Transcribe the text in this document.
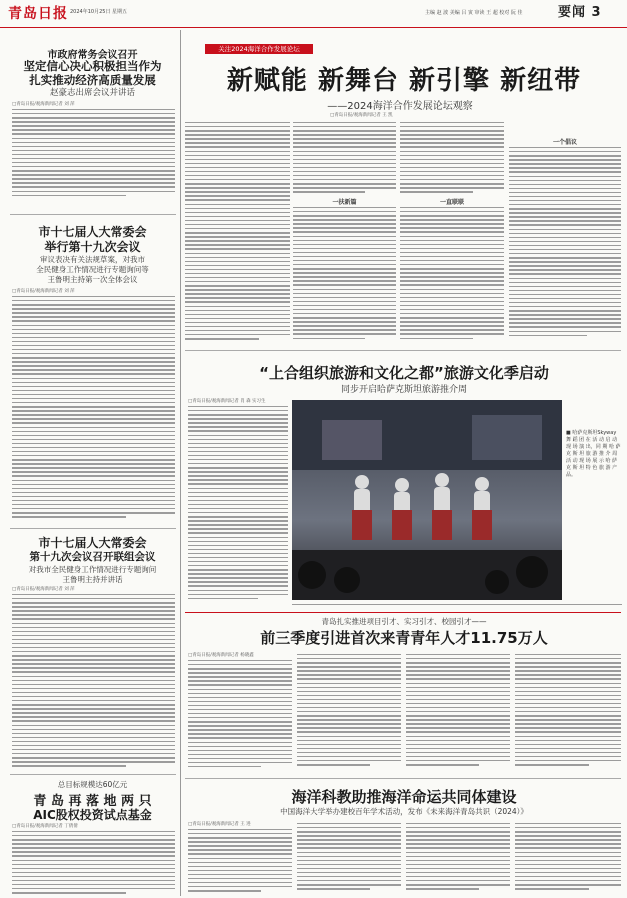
青岛日报 2024年10月25日 星期五	主编 赵 波 美编 吕 寅 审读 王 超 校对 阮 佳	要闻 3
市政府常务会议召开
坚定信心决心积极担当作为
扎实推动经济高质量发展
赵豪志出席会议并讲话
□青岛日报/观海新闻记者 刘 萍
市十七届人大常委会
举行第十九次会议
审议表决有关法规草案，对我市
全民健身工作情况进行专题询问等
王鲁明主持第一次全体会议
□青岛日报/观海新闻记者 刘 萍
市十七届人大常委会
第十九次会议召开联组会议
对我市全民健身工作情况进行专题询问
王鲁明主持并讲话
□青岛日报/观海新闻记者 刘 萍
总目标规模达60亿元
青 岛 再 落 地 两 只
AIC股权投资试点基金
□青岛日报/观海新闻记者 丁倩倩
关注2024海洋合作发展论坛
新赋能 新舞台 新引擎 新纽带
——2024海洋合作发展论坛观察
□青岛日报/观海新闻记者 王 凯
一扶新篇	一直联联
一个倡议
“上合组织旅游和文化之都”旅游文化季启动
同步开启哈萨克斯坦旅游推介周
□青岛日报/观海新闻记者 肖 森 实习生
■ 哈萨克斯坦Skyway 舞 蹈 团 在 活 动 启 动 现 场 演 出，同 期 哈 萨 克 斯 坦 旅 游 推 介 周 活 动 现 场 展 示 哈 萨 克 斯 坦 特 色 旅 游 产 品。
青岛扎实推进项目引才、实习引才、校园引才——
前三季度引进首次来青青年人才11.75万人
□青岛日报/观海新闻记者 杨晓鑫
海洋科教助推海洋命运共同体建设
中国海洋大学举办建校百年学术活动，发布《未来海洋青岛共识（2024）》
□青岛日报/观海新闻记者 王 进
